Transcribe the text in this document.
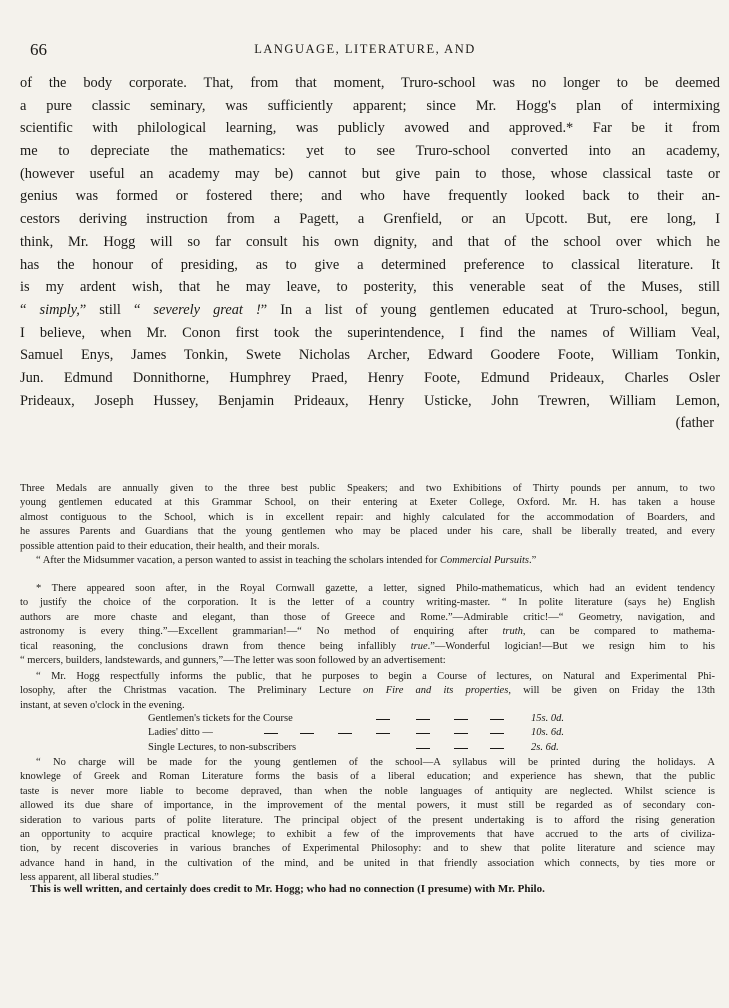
66	LANGUAGE, LITERATURE, AND
of the body corporate. That, from that moment, Truro-school was no longer to be deemed
a pure classic seminary, was sufficiently apparent; since Mr. Hogg's plan of intermixing
scientific with philological learning, was publicly avowed and approved.* Far be it from
me to depreciate the mathematics: yet to see Truro-school converted into an academy,
(however useful an academy may be) cannot but give pain to those, whose classical taste or
genius was formed or fostered there; and who have frequently looked back to their an-
cestors deriving instruction from a Pagett, a Grenfield, or an Upcott. But, ere long, I
think, Mr. Hogg will so far consult his own dignity, and that of the school over which he
has the honour of presiding, as to give a determined preference to classical literature. It
is my ardent wish, that he may leave, to posterity, this venerable seat of the Muses, still
“ simply,” still “ severely great !” In a list of young gentlemen educated at Truro-school, begun,
I believe, when Mr. Conon first took the superintendence, I find the names of William Veal,
Samuel Enys, James Tonkin, Swete Nicholas Archer, Edward Goodere Foote, William Tonkin,
Jun. Edmund Donnithorne, Humphrey Praed, Henry Foote, Edmund Prideaux, Charles Osler
Prideaux, Joseph Hussey, Benjamin Prideaux, Henry Usticke, John Trewren, William Lemon,
(father
Three Medals are annually given to the three best public Speakers; and two Exhibitions of Thirty pounds per annum, to two
young gentlemen educated at this Grammar School, on their entering at Exeter College, Oxford. Mr. H. has taken a house
almost contiguous to the School, which is in excellent repair: and highly calculated for the accommodation of Boarders, and
he assures Parents and Guardians that the young gentlemen who may be placed under his care, shall be liberally treated, and every
possible attention paid to their education, their health, and their morals.
“ After the Midsummer vacation, a person wanted to assist in teaching the scholars intended for Commercial Pursuits.”
* There appeared soon after, in the Royal Cornwall gazette, a letter, signed Philo-mathematicus, which had an evident tendency
to justify the choice of the corporation. It is the letter of a country writing-master. “ In polite literature (says he) English
authors are more chaste and elegant, than those of Greece and Rome.”—Admirable critic!—“ Geometry, navigation, and
astronomy is every thing.”—Excellent grammarian!—“ No method of enquiring after truth, can be compared to mathema-
tical reasoning, the conclusions drawn from thence being infallibly true.”—Wonderful logician!—But we resign him to his
“ mercers, builders, landstewards, and gunners,”—The letter was soon followed by an advertisement:
“ Mr. Hogg respectfully informs the public, that he purposes to begin a Course of lectures, on Natural and Experimental Phi-
losophy, after the Christmas vacation. The Preliminary Lecture on Fire and its properties, will be given on Friday the 13th
instant, at seven o'clock in the evening.
Gentlemen's tickets for the Course	15s. 0d.
Ladies' ditto —	10s. 6d.
Single Lectures, to non-subscribers	2s. 6d.
“ No charge will be made for the young gentlemen of the school—A syllabus will be printed during the holidays. A
knowlege of Greek and Roman Literature forms the basis of a liberal education; and experience has shewn, that the public
taste is never more liable to become depraved, than when the noble languages of antiquity are neglected. Whilst science is
allowed its due share of importance, in the improvement of the mental powers, it must still be regarded as of secondary con-
sideration to various parts of polite literature. The principal object of the present undertaking is to afford the rising generation
an opportunity to acquire practical knowlege; to exhibit a few of the improvements that have accrued to the arts of civiliza-
tion, by recent discoveries in various branches of Experimental Philosophy: and to shew that polite literature and science may
advance hand in hand, in the cultivation of the mind, and be united in that friendly association which connects, by ties more or
less apparent, all liberal studies.”
This is well written, and certainly does credit to Mr. Hogg; who had no connection (I presume) with Mr. Philo.
